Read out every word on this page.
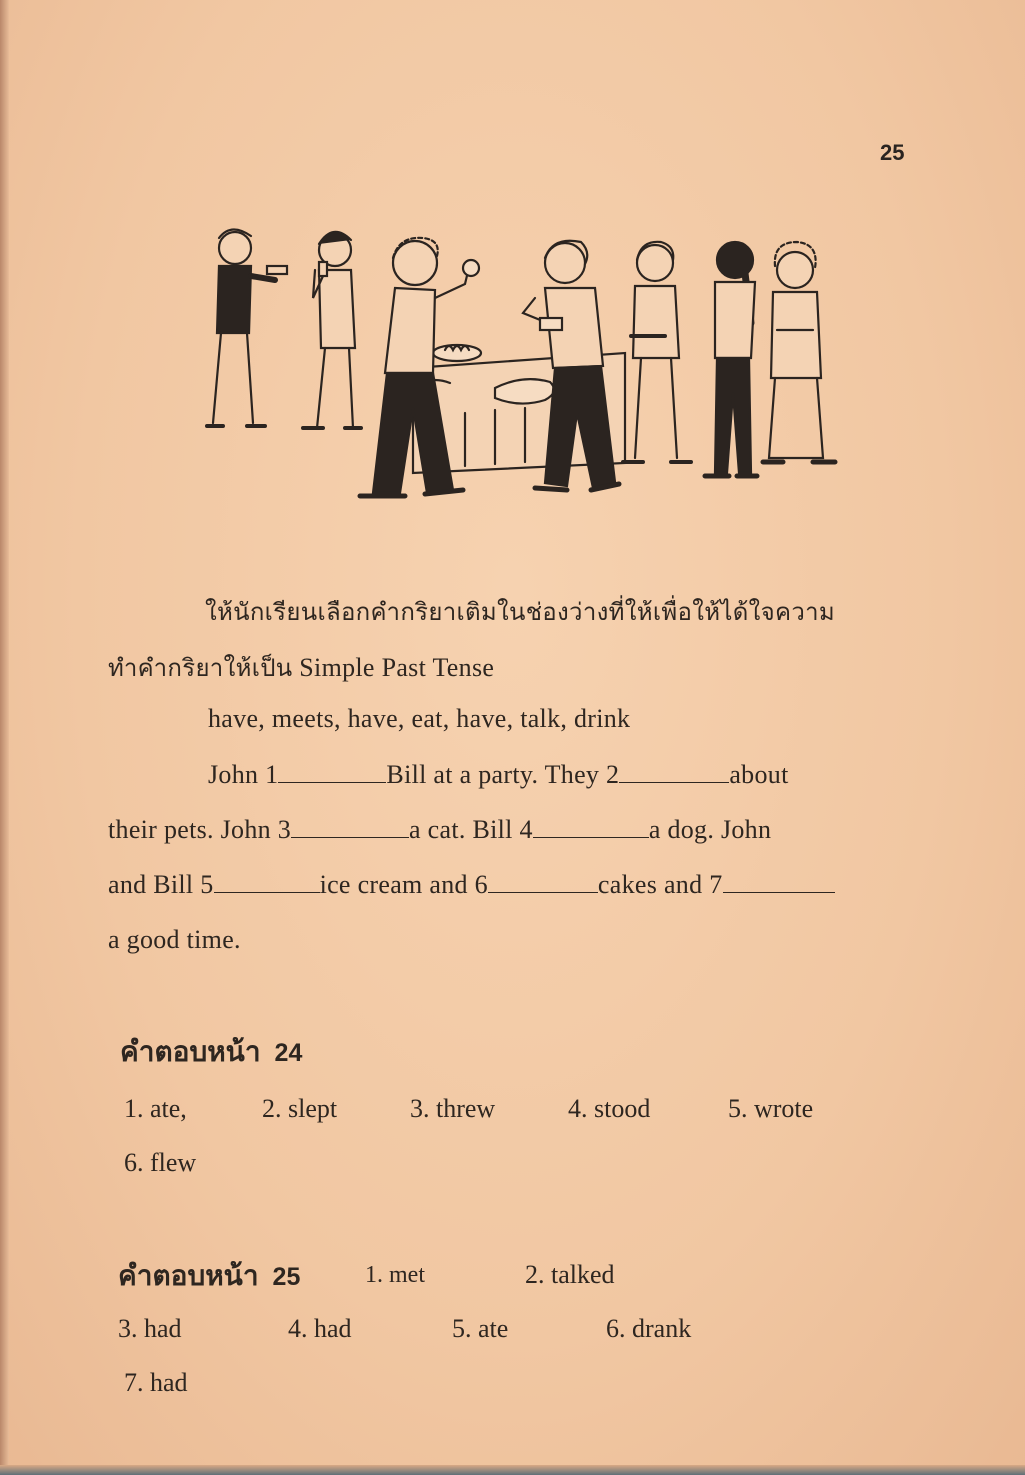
25
ให้นักเรียนเลือกคำกริยาเติมในช่องว่างที่ให้เพื่อให้ได้ใจความ
ทำคำกริยาให้เป็น Simple Past Tense
have, meets, have, eat, have, talk, drink
John 1	Bill at a party. They 2	about
their pets. John 3	a cat. Bill 4	a dog. John
and Bill 5	ice cream and 6	cakes and 7
a good time.
คำตอบหน้า 24
1. ate,	2. slept	3. threw	4. stood	5. wrote
6. flew
คำตอบหน้า 25	1. met	2. talked
3. had	4. had	5. ate	6. drank
7. had
